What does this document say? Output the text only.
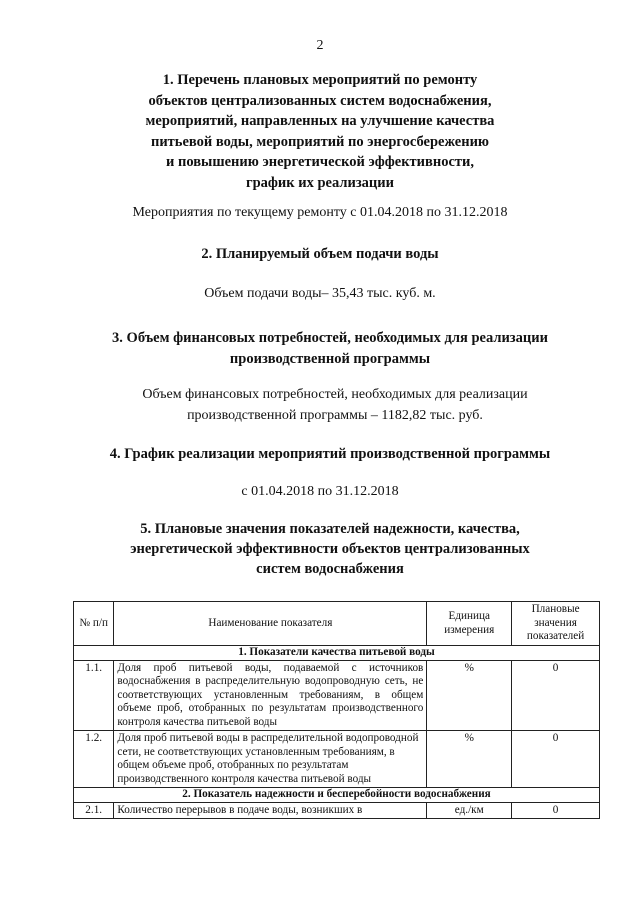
2
1. Перечень плановых мероприятий по ремонту
объектов централизованных систем водоснабжения,
мероприятий, направленных на улучшение качества
питьевой воды, мероприятий по энергосбережению
и повышению энергетической эффективности,
график их реализации
Мероприятия по текущему ремонту с 01.04.2018 по 31.12.2018
2. Планируемый объем подачи воды
Объем подачи воды– 35,43 тыс. куб. м.
3. Объем финансовых потребностей, необходимых для реализации
производственной программы
Объем финансовых потребностей, необходимых для реализации
производственной программы – 1182,82 тыс. руб.
4. График реализации мероприятий производственной программы
с 01.04.2018 по 31.12.2018
5. Плановые значения показателей надежности, качества,
энергетической эффективности объектов централизованных
систем водоснабжения
№ п/п	Наименование показателя	Единица измерения	Плановые значения показателей
1. Показатели качества питьевой воды			
1.1.	Доля проб питьевой воды, подаваемой с источников водоснабжения в распределительную водопроводную сеть, не соответствующих установленным требованиям, в общем объеме проб, отобранных по результатам производственного контроля качества питьевой воды	%	0
1.2.	Доля проб питьевой воды в распределительной водопроводной сети, не соответствующих установленным требованиям, в общем объеме проб, отобранных по результатам производственного контроля качества питьевой воды	%	0
2. Показатель надежности и бесперебойности водоснабжения			
2.1.	Количество перерывов в подаче воды, возникших в	ед./км	0
